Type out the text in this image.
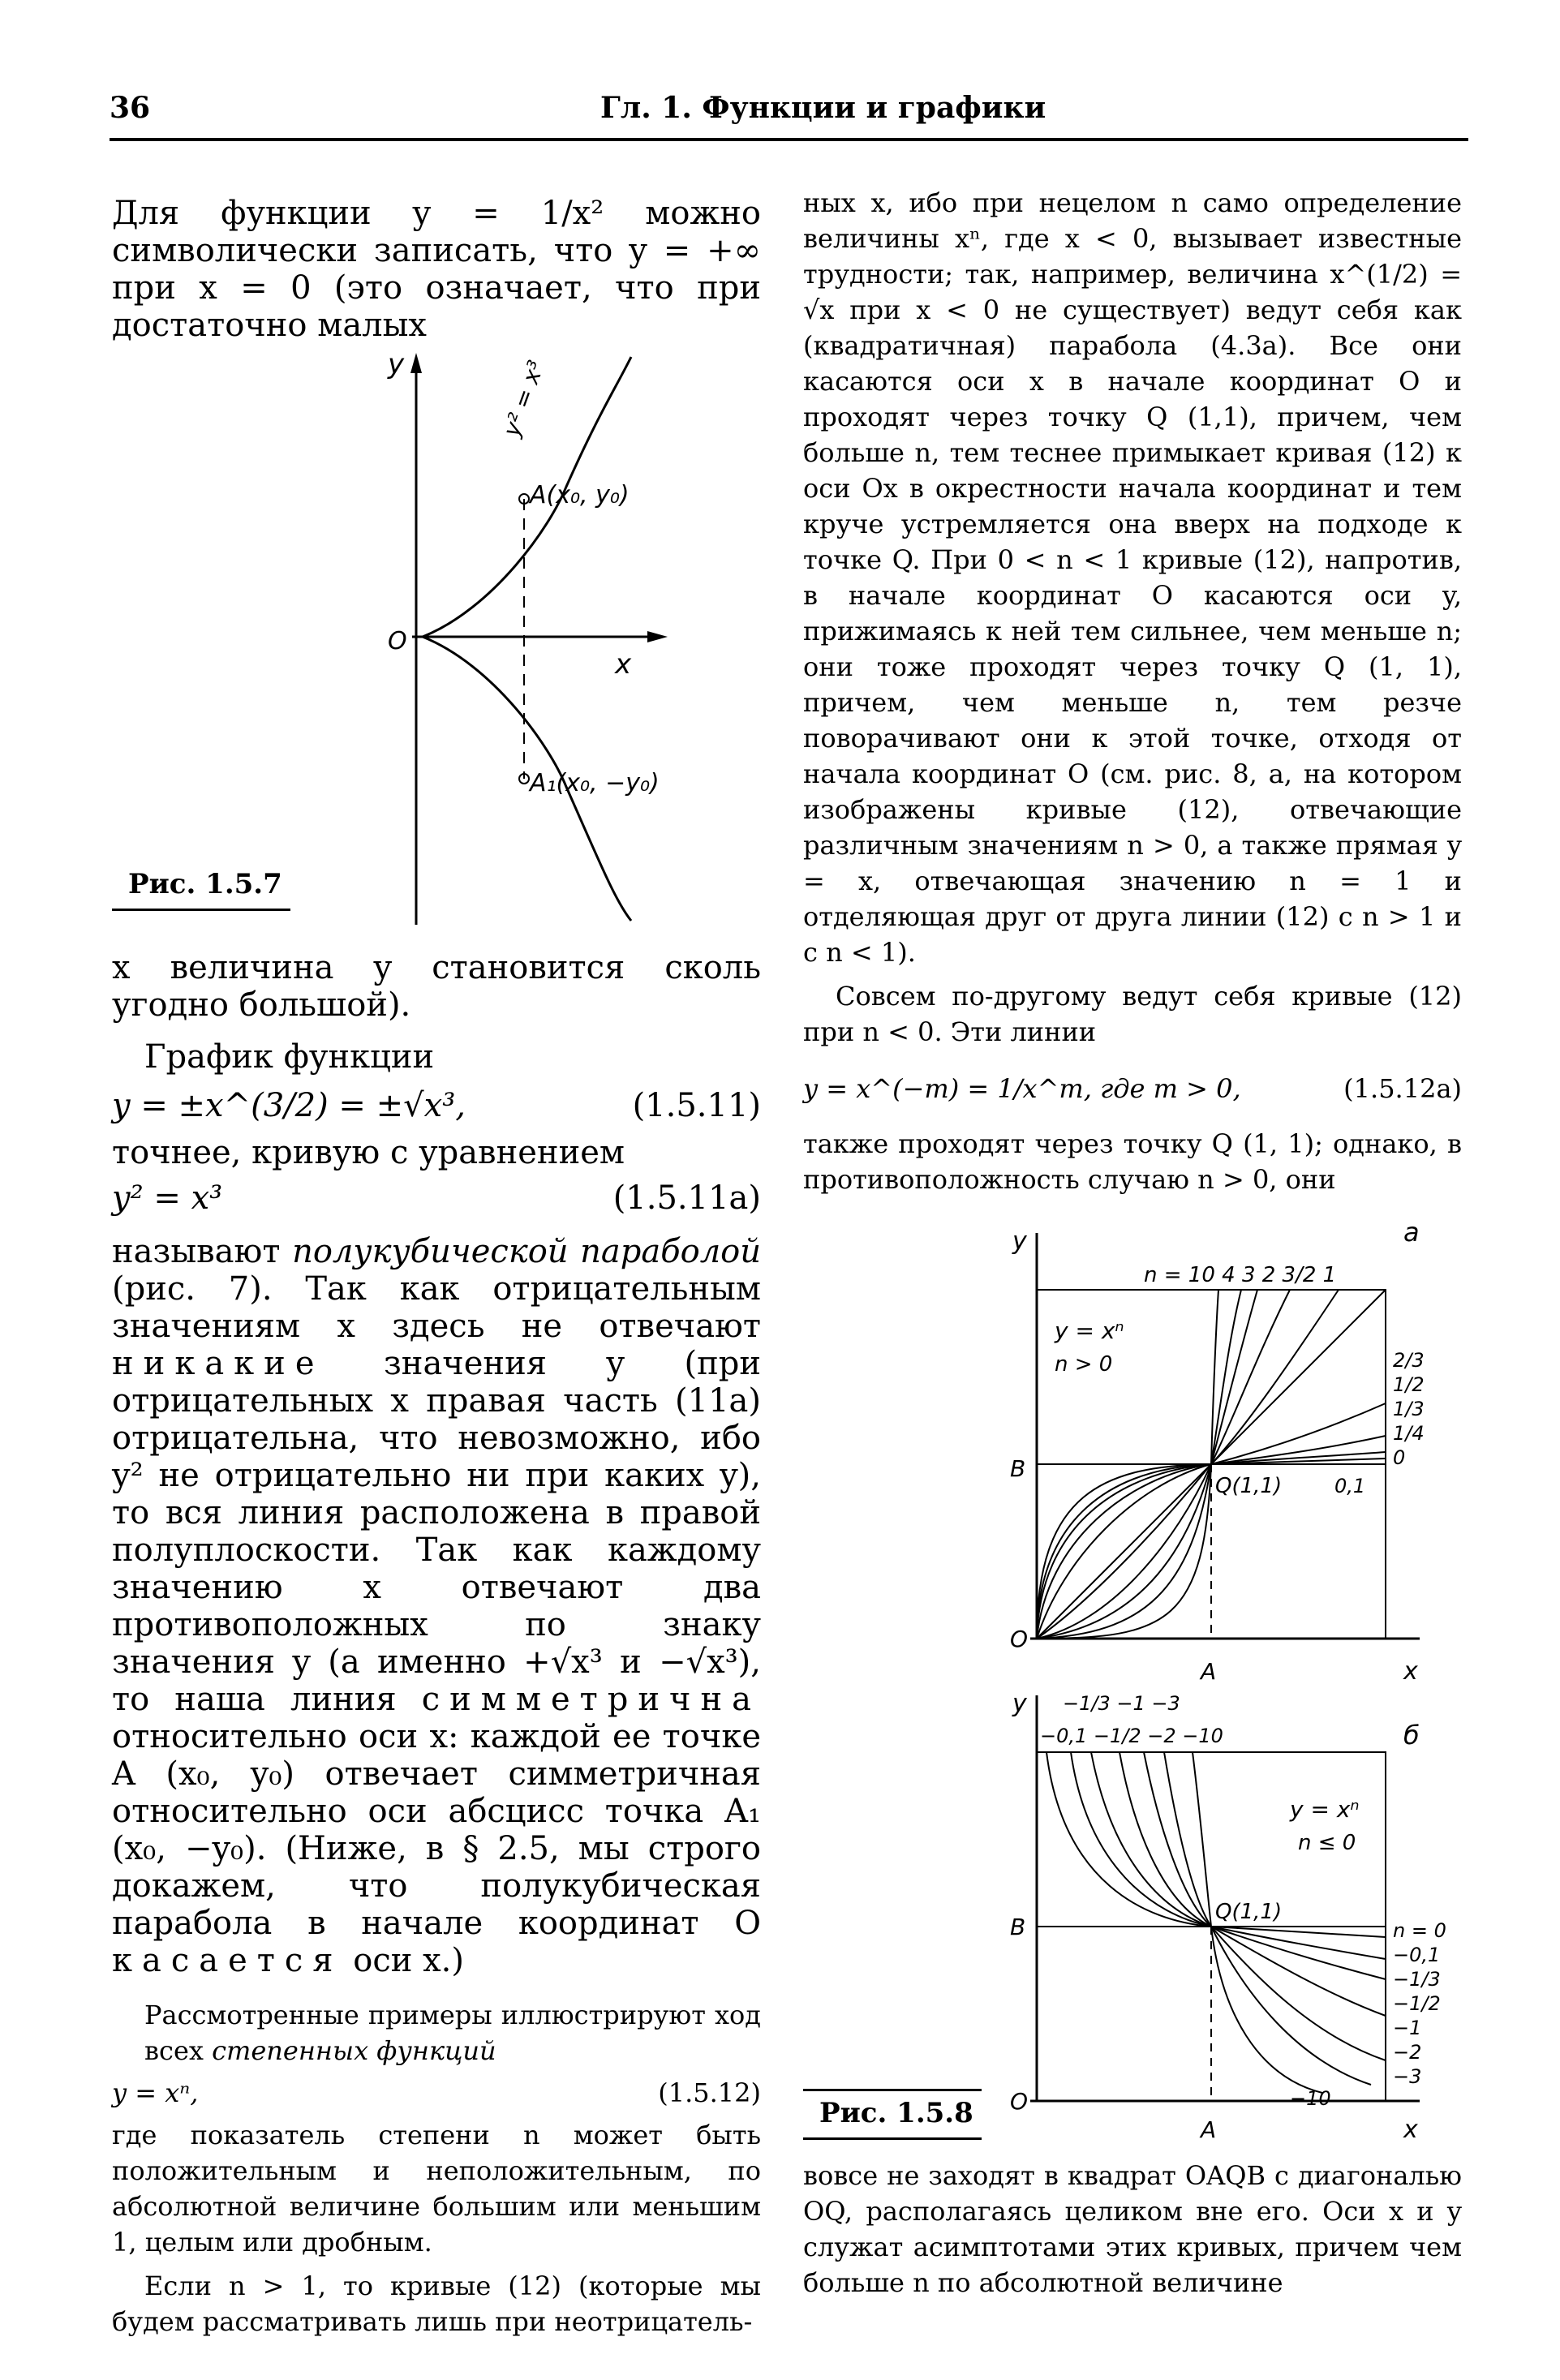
36	Гл. 1. Функции и графики

Для функции y = 1/x² можно символически записать, что y = +∞ при x = 0 (это означает, что при достаточно малых

y
x
O
A(x₀, y₀)
A₁(x₀, −y₀)
y² = x³
Рис. 1.5.7

x величина y становится сколь угодно большой).

График функции

y = ±x^(3/2) = ±√x³,	(1.5.11)

точнее, кривую с уравнением

y² = x³	(1.5.11а)

называют полукубической параболой (рис. 7). Так как отрицательным значениям x здесь не отвечают никакие значения y (при отрицательных x правая часть (11а) отрицательна, что невозможно, ибо y² не отрицательно ни при каких y), то вся линия расположена в правой полуплоскости. Так как каждому значению x отвечают два противоположных по знаку значения y (а именно +√x³ и −√x³), то наша линия симметрична относительно оси x: каждой ее точке A (x₀, y₀) отвечает симметричная относительно оси абсцисс точка A₁ (x₀, −y₀). (Ниже, в § 2.5, мы строго докажем, что полукубическая парабола в начале координат O касается оси x.)

Рассмотренные примеры иллюстрируют ход всех степенных функций

y = xⁿ,	(1.5.12)

где показатель степени n может быть положительным и неположительным, по абсолютной величине большим или меньшим 1, целым или дробным.

Если n > 1, то кривые (12) (которые мы будем рассматривать лишь при неотрицатель-

ных x, ибо при нецелом n само определение величины xⁿ, где x < 0, вызывает известные трудности; так, например, величина x^(1/2) = √x при x < 0 не существует) ведут себя как (квадратичная) парабола (4.3а). Все они касаются оси x в начале координат O и проходят через точку Q (1,1), причем, чем больше n, тем теснее примыкает кривая (12) к оси Ox в окрестности начала координат и тем круче устремляется она вверх на подходе к точке Q. При 0 < n < 1 кривые (12), напротив, в начале координат O касаются оси y, прижимаясь к ней тем сильнее, чем меньше n; они тоже проходят через точку Q (1, 1), причем, чем меньше n, тем резче поворачивают они к этой точке, отходя от начала координат O (см. рис. 8, а, на котором изображены кривые (12), отвечающие различным значениям n > 0, а также прямая y = x, отвечающая значению n = 1 и отделяющая друг от друга линии (12) с n > 1 и с n < 1).

Совсем по-другому ведут себя кривые (12) при n < 0. Эти линии

y = x^(−m) = 1/x^m, где m > 0,	(1.5.12а)

также проходят через точку Q (1, 1); однако, в противоположность случаю n > 0, они

y	а
n = 10 4 3 2 3/2 1
y = xⁿ
n > 0
B
Q(1,1)	0,1
O
A	x
2/3
1/2
1/3
1/4
0
y
б
−1/3 −1 −3
−0,1 −1/2 −2 −10
y = xⁿ
n ≤ 0
B
Q(1,1)
−10
O
A	x
n = 0
−0,1
−1/3
−1/2
−1
−2
−3
Рис. 1.5.8

вовсе не заходят в квадрат OAQB с диагональю OQ, располагаясь целиком вне его. Оси x и y служат асимптотами этих кривых, причем чем больше n по абсолютной величине
